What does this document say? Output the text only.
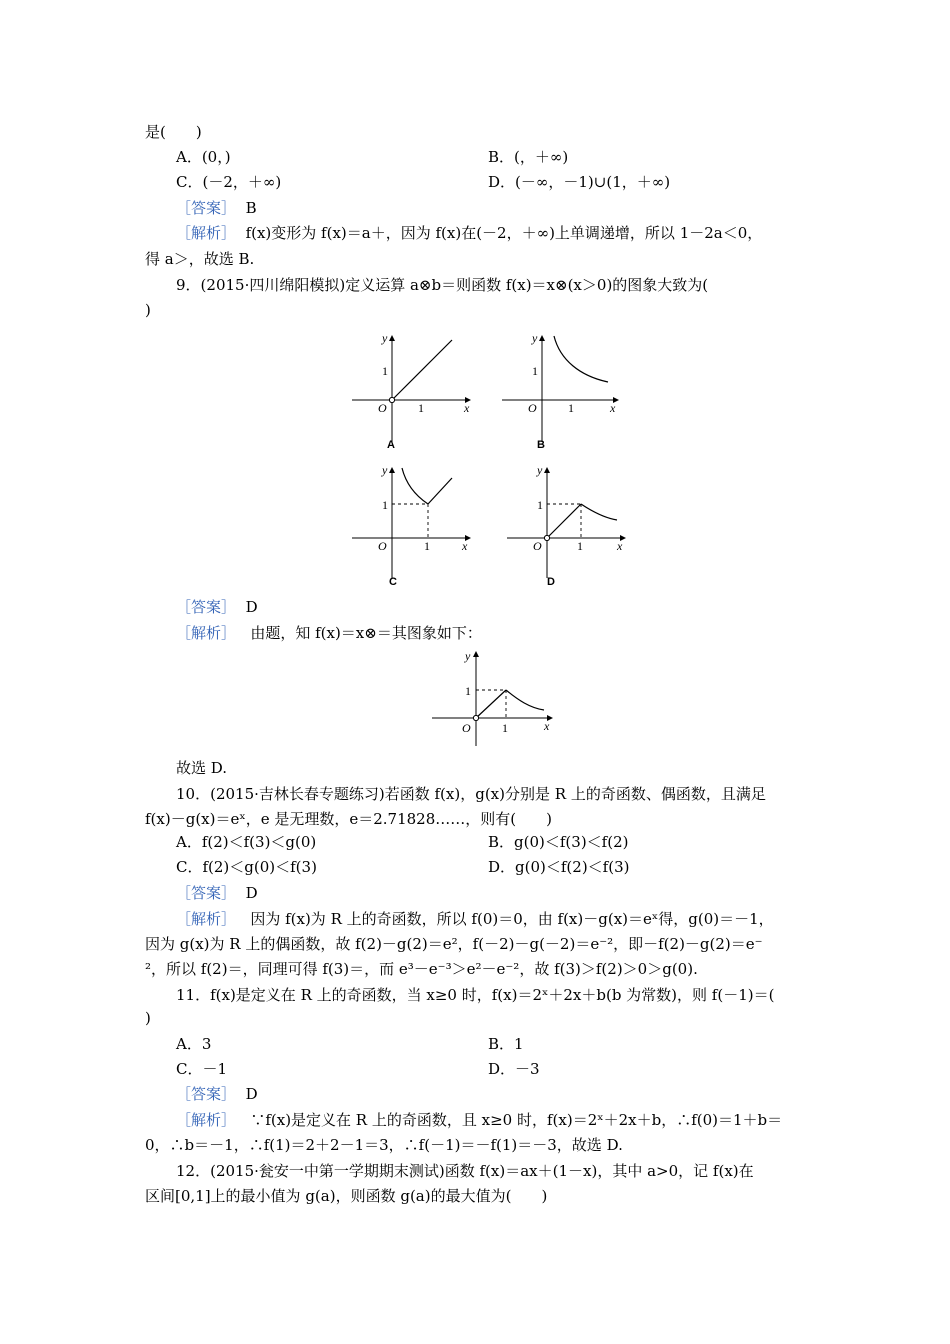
是(　　)
A．(0，)	B．(，＋∞)
C．(－2，＋∞)	D．(－∞，－1)∪(1，＋∞)
［答案］ B
［解析］ f(x)变形为 f(x)＝a＋，因为 f(x)在(－2，＋∞)上单调递增，所以 1－2a＜0，
得 a＞，故选 B.
9．(2015·四川绵阳模拟)定义运算 a⊗b＝则函数 f(x)＝x⊗(x＞0)的图象大致为(
)
y
x
O
1
1
A
y
x
O
1
1
B
y
x
O
1
1
C
y
x
O
1
1
D
［答案］ D
［解析］ 由题，知 f(x)＝x⊗＝其图象如下：
y
x
O
1
1
故选 D.
10．(2015·吉林长春专题练习)若函数 f(x)，g(x)分别是 R 上的奇函数、偶函数，且满足
f(x)－g(x)＝eˣ，e 是无理数，e＝2.71828……，则有(　　)
A．f(2)＜f(3)＜g(0)	B．g(0)＜f(3)＜f(2)
C．f(2)＜g(0)＜f(3)	D．g(0)＜f(2)＜f(3)
［答案］ D
［解析］ 因为 f(x)为 R 上的奇函数，所以 f(0)＝0，由 f(x)－g(x)＝eˣ得，g(0)＝－1，
因为 g(x)为 R 上的偶函数，故 f(2)－g(2)＝e²，f(－2)－g(－2)＝e⁻²，即－f(2)－g(2)＝e⁻
²，所以 f(2)＝，同理可得 f(3)＝，而 e³－e⁻³＞e²－e⁻²，故 f(3)＞f(2)＞0＞g(0).
11．f(x)是定义在 R 上的奇函数，当 x≥0 时，f(x)＝2ˣ＋2x＋b(b 为常数)，则 f(－1)＝(
)
A．3	B．1
C．－1	D．－3
［答案］ D
［解析］ ∵f(x)是定义在 R 上的奇函数，且 x≥0 时，f(x)＝2ˣ＋2x＋b，∴f(0)＝1＋b＝
0，∴b＝－1，∴f(1)＝2＋2－1＝3，∴f(－1)＝－f(1)＝－3，故选 D.
12．(2015·瓮安一中第一学期期末测试)函数 f(x)＝ax＋(1－x)，其中 a>0，记 f(x)在
区间[0,1]上的最小值为 g(a)，则函数 g(a)的最大值为(　　)
